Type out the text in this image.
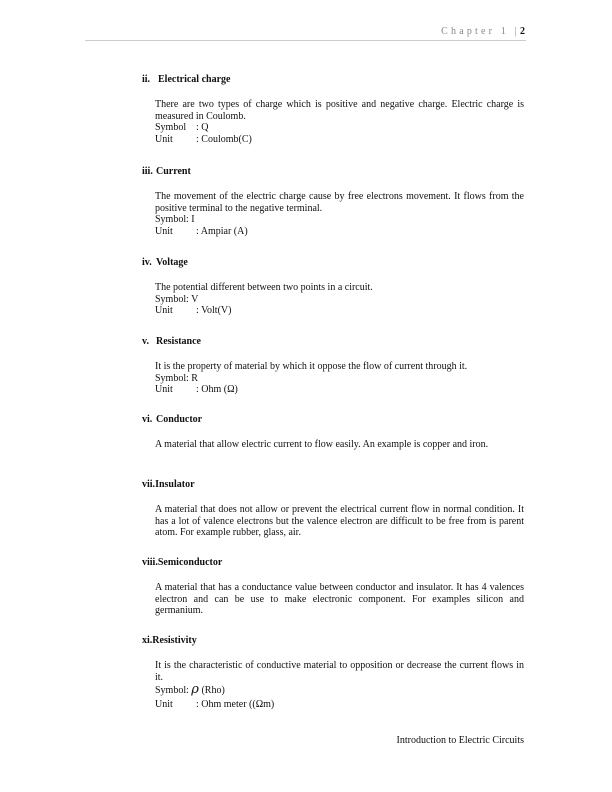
Chapter 1 |2

ii. Electrical charge

There are two types of charge which is positive and negative charge. Electric charge is measured in Coulomb.

Symbol : Q

Unit : Coulomb(C)

iii. Current

The movement of the electric charge cause by free electrons movement. It flows from the positive terminal to the negative terminal.

Symbol: I

Unit : Ampiar (A)

iv. Voltage

The potential different between two points in a circuit.

Symbol: V

Unit : Volt(V)

v. Resistance

It is the property of material by which it oppose the flow of current through it.

Symbol: R

Unit : Ohm (Ω)

vi. Conductor

A material that allow electric current to flow easily. An example is copper and iron.

vii.Insulator

A material that does not allow or prevent the electrical current flow in normal condition. It has a lot of valence electrons but the valence electron are difficult to be free from is parent atom. For example rubber, glass, air.

viii.Semiconductor

A material that has a conductance value between conductor and insulator. It has 4 valences electron and can be use to make electronic component. For examples silicon and germanium.

xi.Resistivity

It is the characteristic of conductive material to opposition or decrease the current flows in it.

Symbol: ρ (Rho)

Unit : Ohm meter ((Ωm)

Introduction to Electric Circuits
